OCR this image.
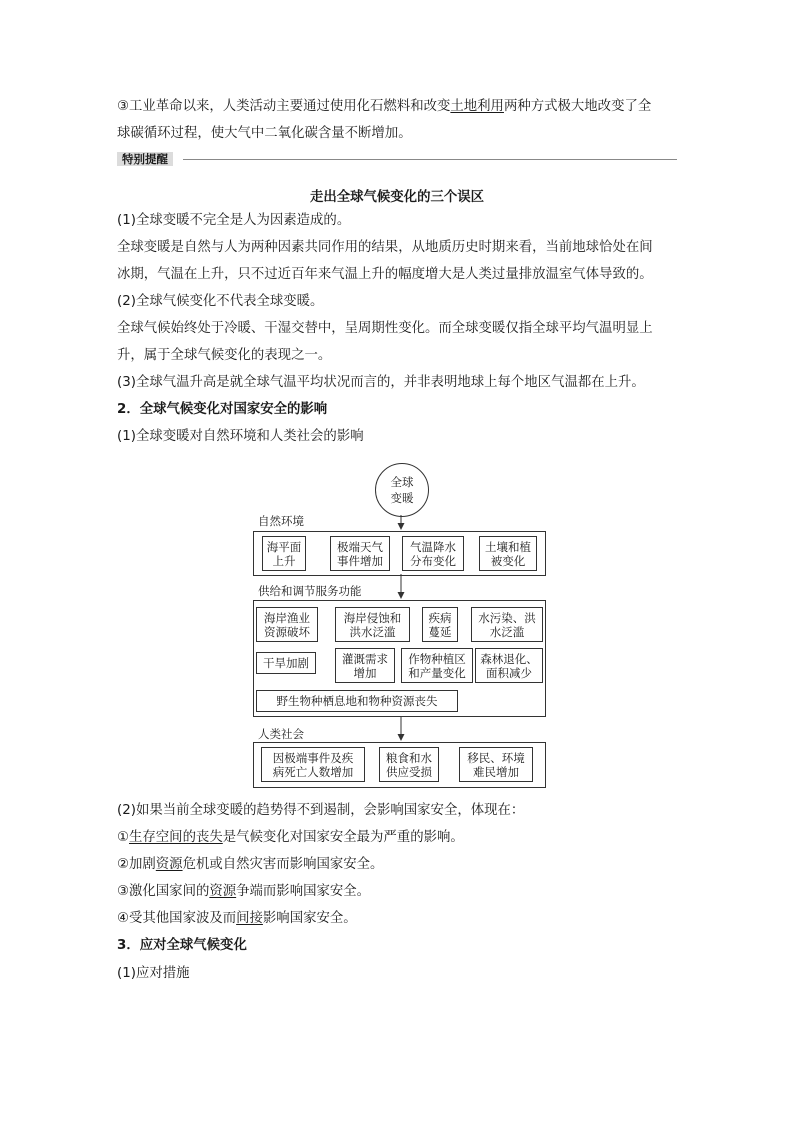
③工业革命以来，人类活动主要通过使用化石燃料和改变土地利用两种方式极大地改变了全
球碳循环过程，使大气中二氧化碳含量不断增加。
特别提醒
走出全球气候变化的三个误区
(1)全球变暖不完全是人为因素造成的。
全球变暖是自然与人为两种因素共同作用的结果，从地质历史时期来看，当前地球恰处在间
冰期，气温在上升，只不过近百年来气温上升的幅度增大是人类过量排放温室气体导致的。
(2)全球气候变化不代表全球变暖。
全球气候始终处于冷暖、干湿交替中，呈周期性变化。而全球变暖仅指全球平均气温明显上
升，属于全球气候变化的表现之一。
(3)全球气温升高是就全球气温平均状况而言的，并非表明地球上每个地区气温都在上升。
2．全球气候变化对国家安全的影响
(1)全球变暖对自然环境和人类社会的影响
全球
变暖
自然环境
海平面
上升
极端天气
事件增加
气温降水
分布变化
土壤和植
被变化
供给和调节服务功能
海岸渔业
资源破坏
海岸侵蚀和
洪水泛滥
疾病
蔓延
水污染、洪
水泛滥
干旱加剧	灌溉需求
增加
作物种植区
和产量变化
森林退化、
面积减少
野生物种栖息地和物种资源丧失
人类社会
因极端事件及疾
病死亡人数增加
粮食和水
供应受损
移民、环境
难民增加
(2)如果当前全球变暖的趋势得不到遏制，会影响国家安全，体现在：
①生存空间的丧失是气候变化对国家安全最为严重的影响。
②加剧资源危机或自然灾害而影响国家安全。
③激化国家间的资源争端而影响国家安全。
④受其他国家波及而间接影响国家安全。
3．应对全球气候变化
(1)应对措施
